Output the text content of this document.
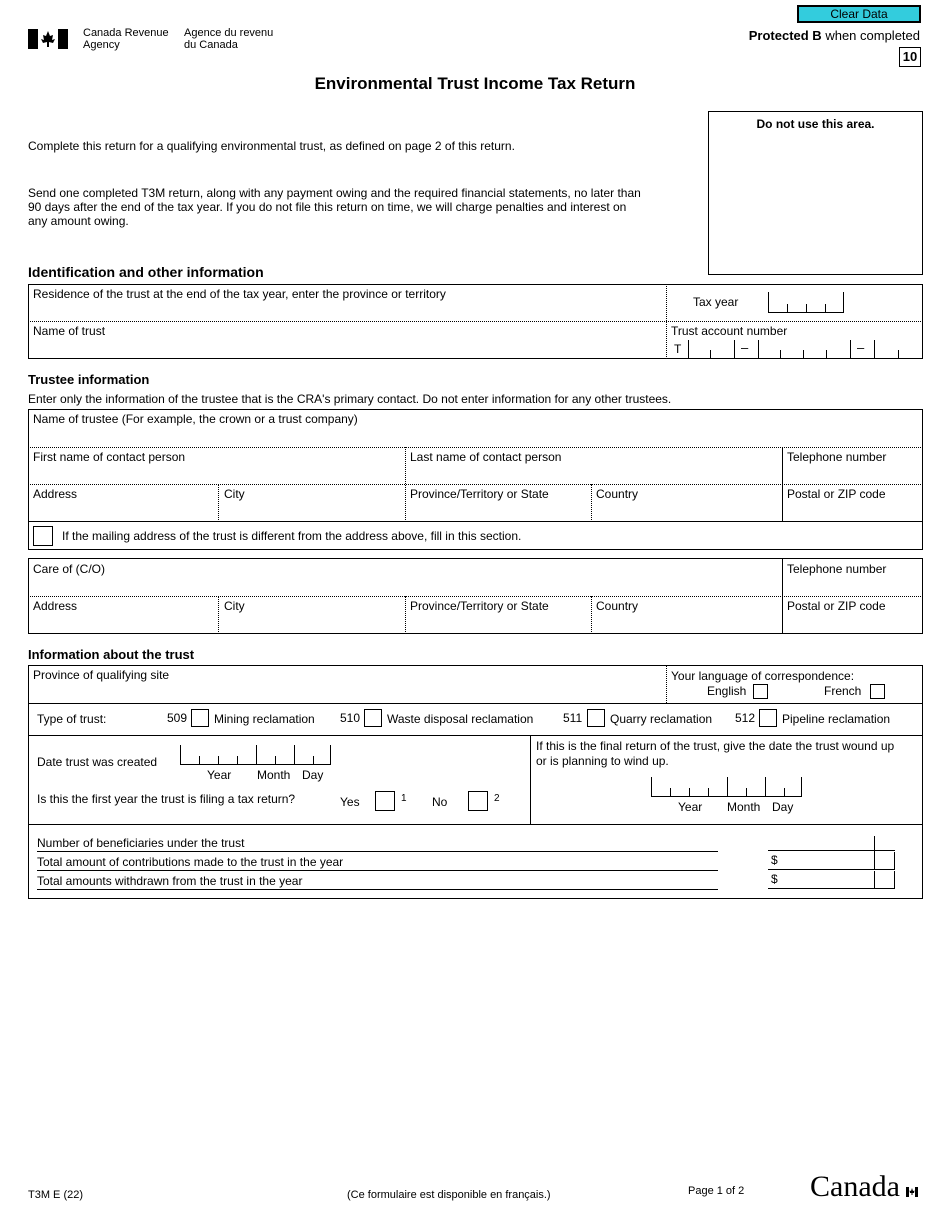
Canada Revenue
Agency
Agence du revenu
du Canada
Clear Data
Protected B when completed
10
Environmental Trust Income Tax Return
Do not use this area.
Complete this return for a qualifying environmental trust, as defined on page 2 of this return.
Send one completed T3M return, along with any payment owing and the required financial statements, no later than
90 days after the end of the tax year. If you do not file this return on time, we will charge penalties and interest on
any amount owing.
Identification and other information
Residence of the trust at the end of the tax year, enter the province or territory
Tax year
Name of trust	Trust account number
T	–	–
Trustee information
Enter only the information of the trustee that is the CRA's primary contact. Do not enter information for any other trustees.
Name of trustee (For example, the crown or a trust company)
First name of contact person	Last name of contact person	Telephone number
Address	City	Province/Territory or State	Country	Postal or ZIP code
If the mailing address of the trust is different from the address above, fill in this section.
Care of (C/O)	Telephone number
Address	City	Province/Territory or State	Country	Postal or ZIP code
Information about the trust
Province of qualifying site	Your language of correspondence:
English	French
Type of trust:	509 Mining reclamation 510 Waste disposal reclamation 511 Quarry reclamation 512 Pipeline reclamation
Date trust was created
Year Month Day
Is this the first year the trust is filing a tax return?	Yes	1 No	2
If this is the final return of the trust, give the date the trust wound up
or is planning to wind up.
Year Month Day
Number of beneficiaries under the trust
Total amount of contributions made to the trust in the year
Total amounts withdrawn from the trust in the year
$
$
T3M E (22)	(Ce formulaire est disponible en français.)	Page 1 of 2 Canada
